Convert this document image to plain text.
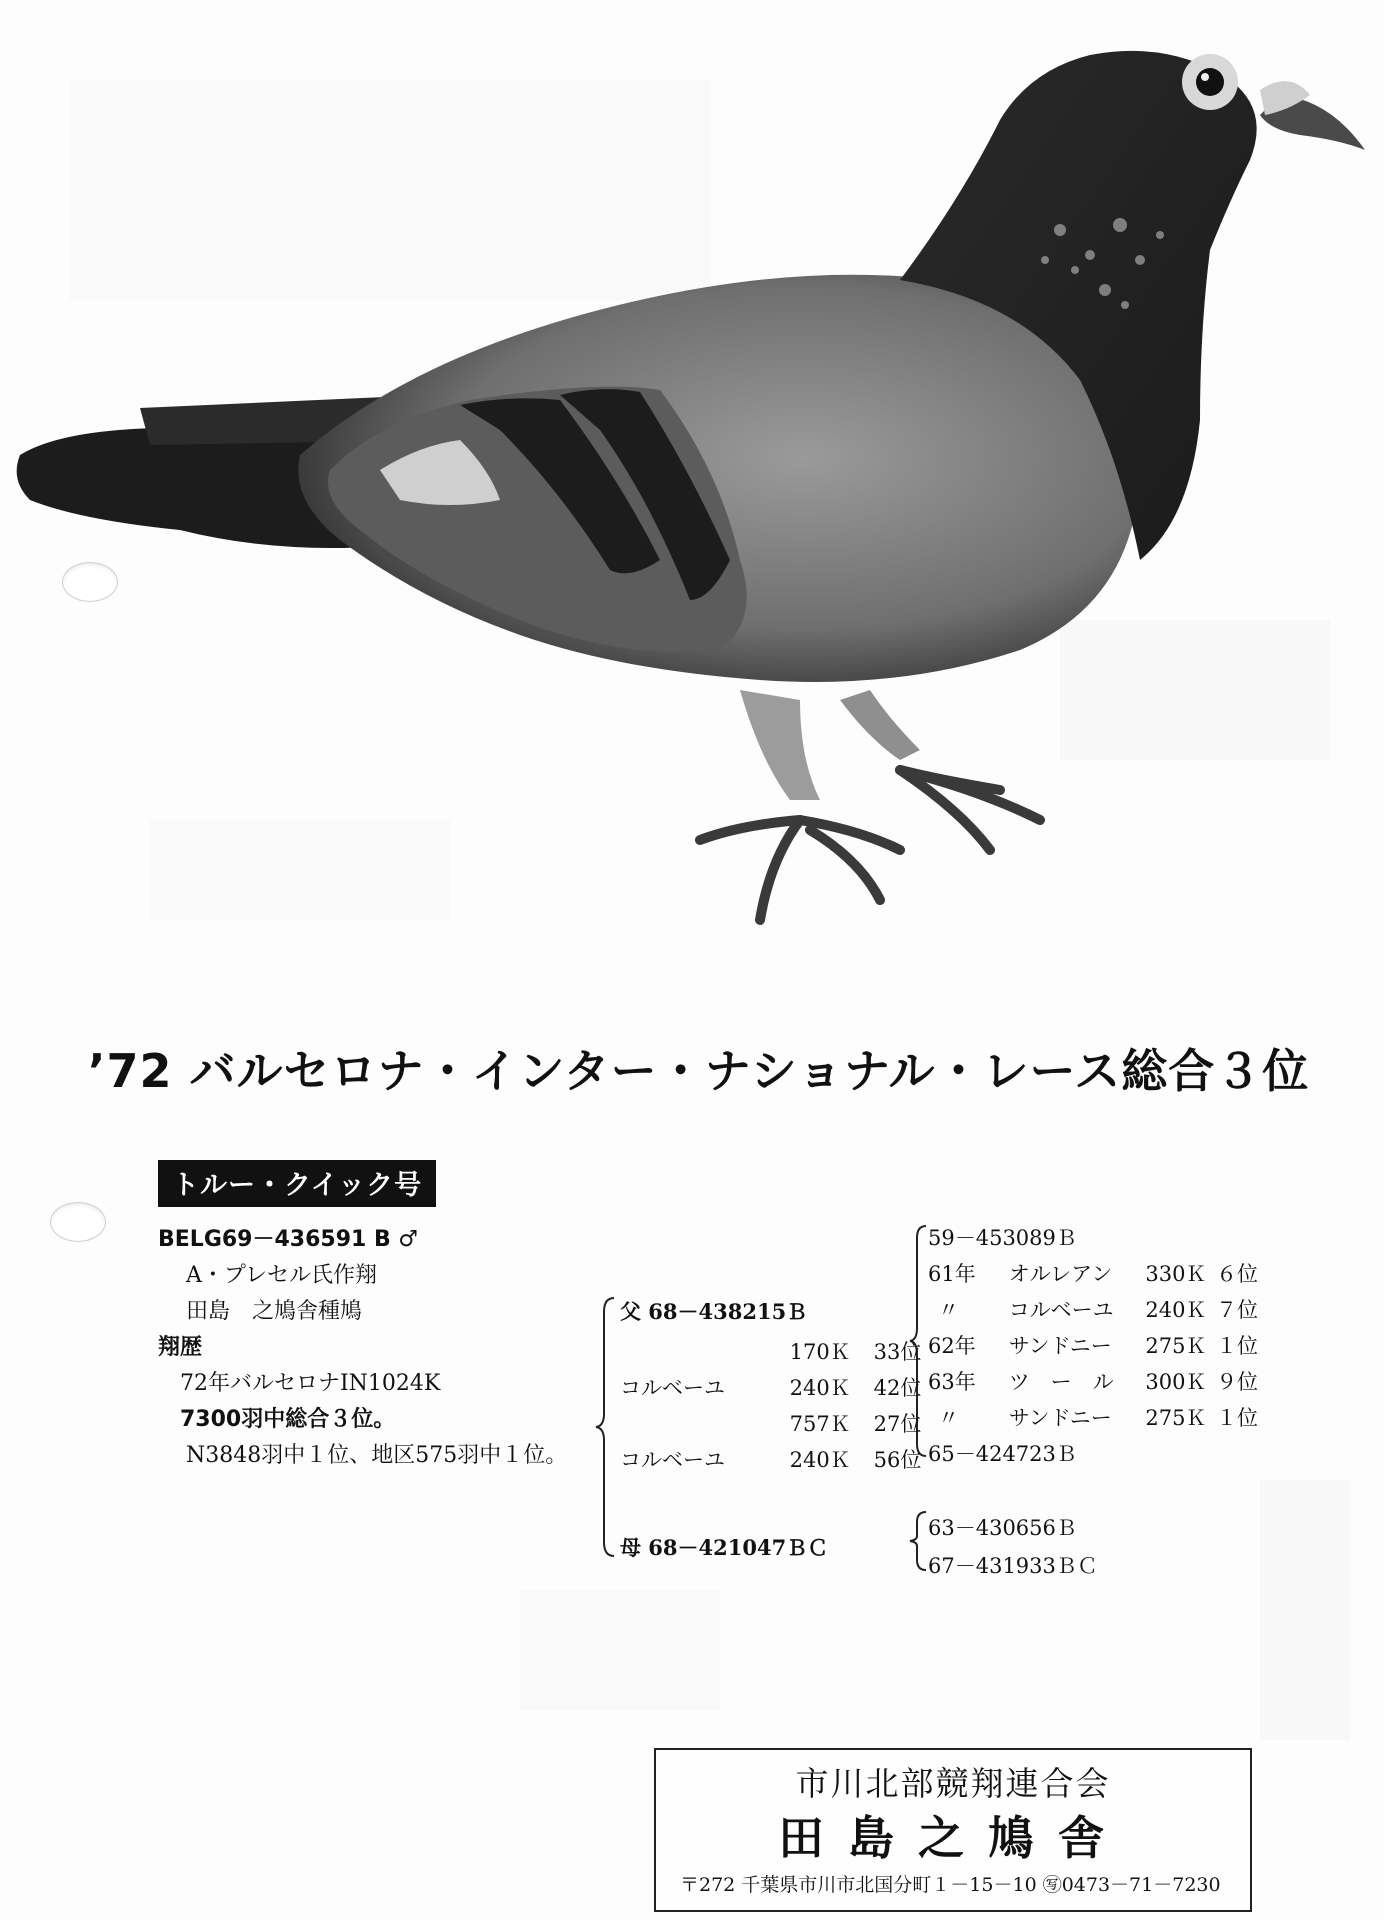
’72 バルセロナ・インター・ナショナル・レース総合３位
トルー・クイック号
BELG69－436591 B ♂
A・プレセル氏作翔
田島　之鳩舎種鳩
翔歴
72年バルセロナIN1024K
7300羽中総合３位。
N3848羽中１位、地区575羽中１位。
父 68－438215Ｂ
170Ｋ 33位
コルベーユ	240Ｋ 42位
757Ｋ 27位
コルベーユ	240Ｋ 56位
母 68－421047ＢＣ
59－453089Ｂ
61年 オルレアン 330Ｋ ６位
〃 コルベーユ 240Ｋ ７位
62年 サンドニー 275Ｋ １位
63年 ツ　ー　ル 300Ｋ ９位
〃 サンドニー 275Ｋ １位
65－424723Ｂ
63－430656Ｂ
67－431933ＢＣ
市川北部競翔連合会
田島之鳩舎
〒272 千葉県市川市北国分町１－15－10 ㊢0473－71－7230
